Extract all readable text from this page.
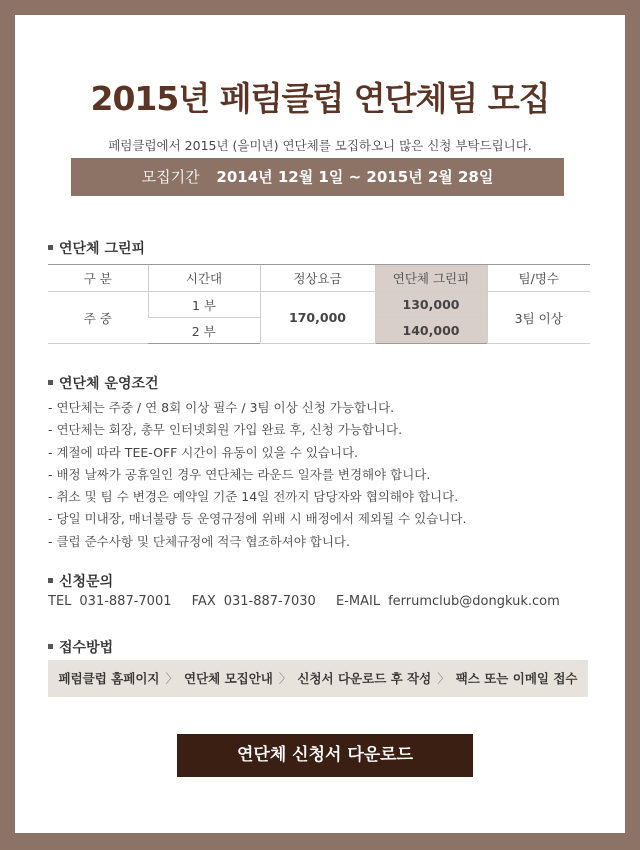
2015년 페럼클럽 연단체팀 모집
페럼클럽에서 2015년 (을미년) 연단체를 모집하오니 많은 신청 부탁드립니다.
모집기간 2014년 12월 1일 ~ 2015년 2월 28일
연단체 그린피
구 분	시간대	정상요금	연단체 그린피	팀/명수
주 중	1 부	170,000	130,000	3팀 이상
	2 부		140,000	
연단체 운영조건
- 연단체는 주중 / 연 8회 이상 필수 / 3팀 이상 신청 가능합니다.
- 연단체는 회장, 총무 인터넷회원 가입 완료 후, 신청 가능합니다.
- 계절에 따라 TEE-OFF 시간이 유동이 있을 수 있습니다.
- 배정 날짜가 공휴일인 경우 연단체는 라운드 일자를 변경해야 합니다.
- 취소 및 팀 수 변경은 예약일 기준 14일 전까지 담당자와 협의해야 합니다.
- 당일 미내장, 매너불량 등 운영규정에 위배 시 배정에서 제외될 수 있습니다.
- 클럽 준수사항 및 단체규정에 적극 협조하셔야 합니다.
신청문의
TEL 031-887-7001 FAX 031-887-7030 E-MAIL ferrumclub@dongkuk.com
접수방법
페럼클럽 홈페이지 〉 연단체 모집안내 〉 신청서 다운로드 후 작성 〉 팩스 또는 이메일 접수
연단체 신청서 다운로드
